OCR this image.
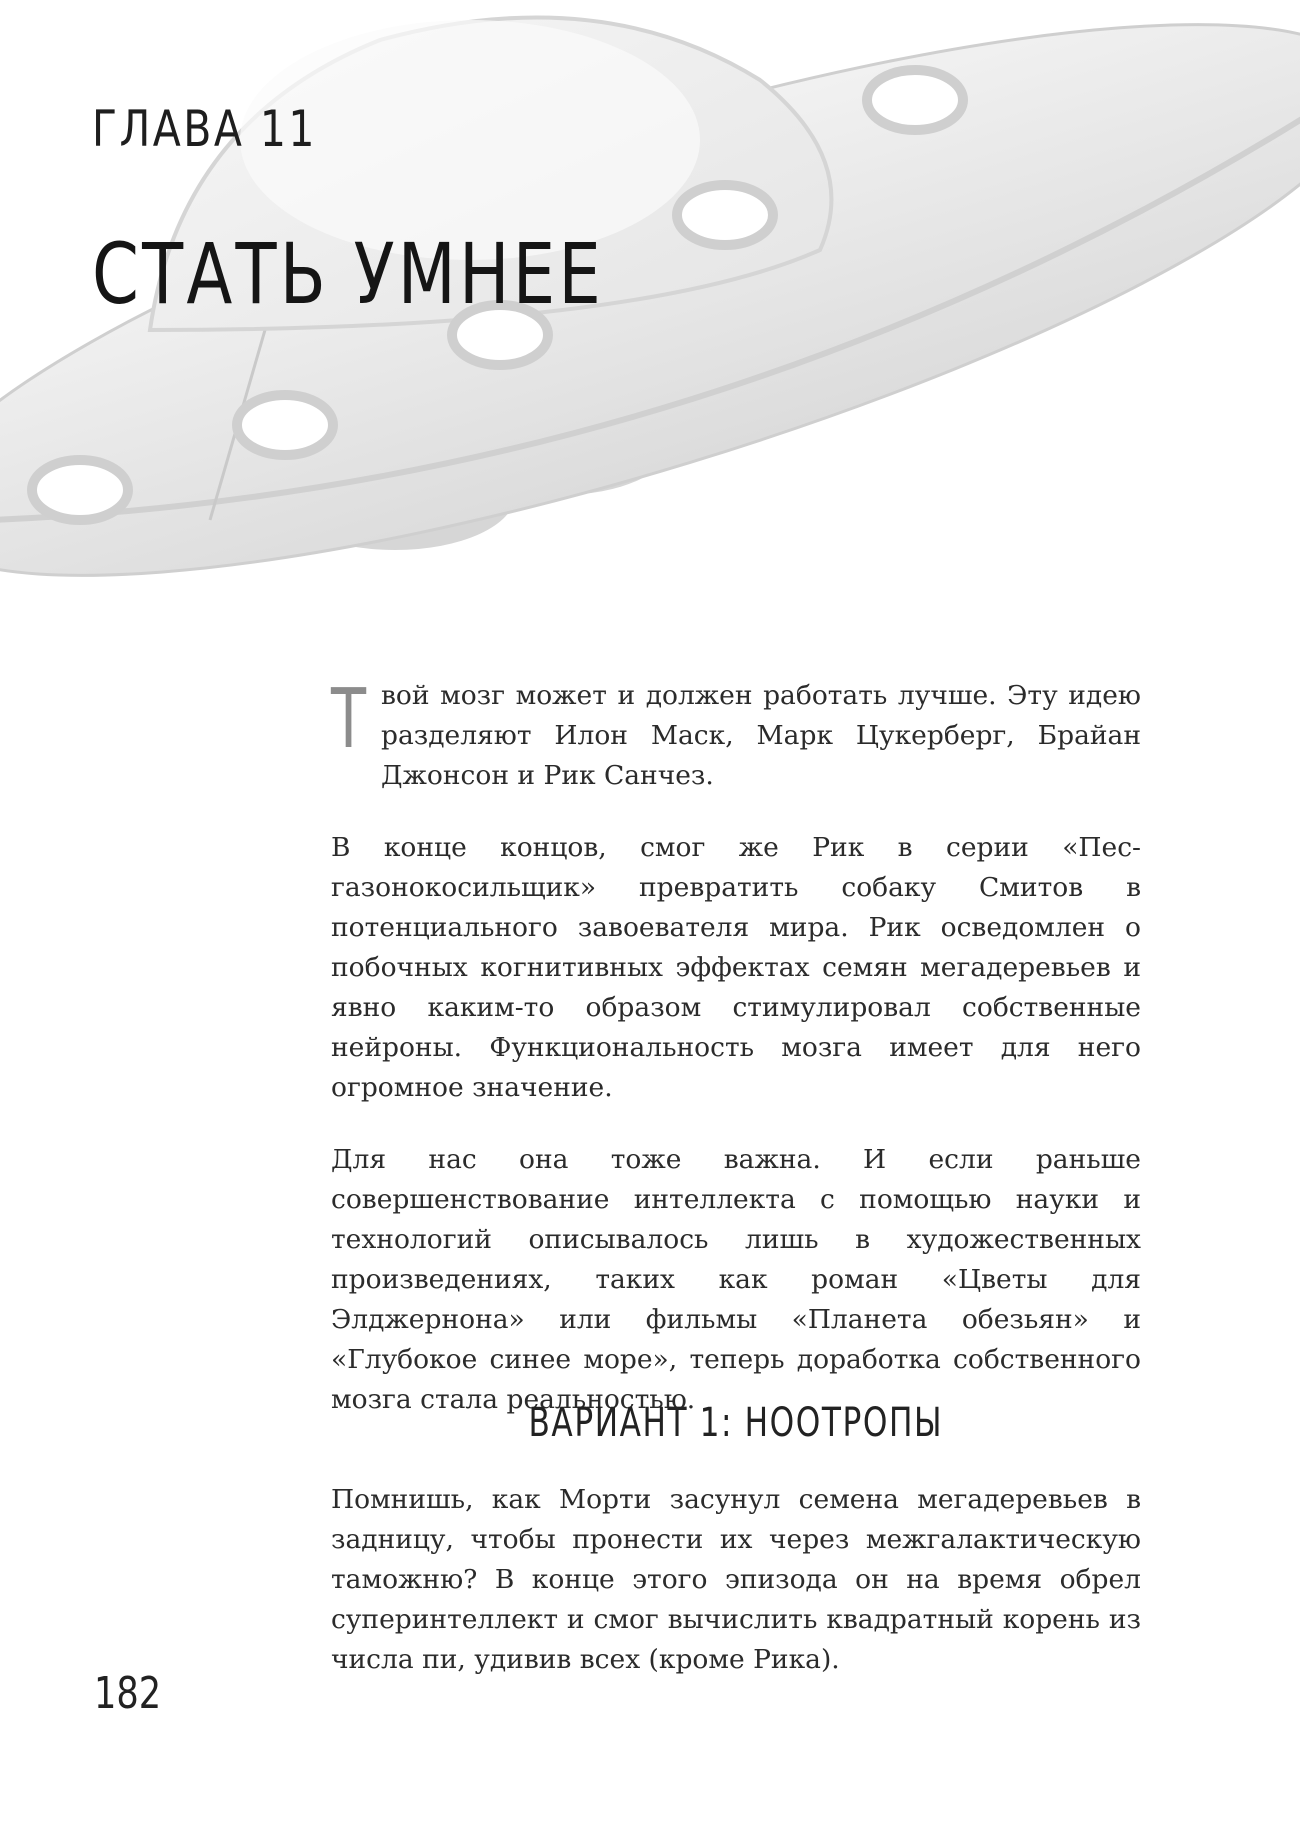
ГЛАВА 11
СТАТЬ УМНЕЕ

Твой мозг может и должен работать лучше. Эту идею разделяют Илон Маск, Марк Цукерберг, Брайан Джонсон и Рик Санчез.

В конце концов, смог же Рик в серии «Пес-газонокосильщик» превратить собаку Смитов в потенциального завоевателя мира. Рик осведомлен о побочных когнитивных эффектах семян мегадеревьев и явно каким-то образом стимулировал собственные нейроны. Функциональность мозга имеет для него огромное значение.

Для нас она тоже важна. И если раньше совершенствование интеллекта с помощью науки и технологий описывалось лишь в художественных произведениях, таких как роман «Цветы для Элджернона» или фильмы «Планета обезьян» и «Глубокое синее море», теперь доработка собственного мозга стала реальностью.

ВАРИАНТ 1: НООТРОПЫ

Помнишь, как Морти засунул семена мегадеревьев в задницу, чтобы пронести их через межгалактическую таможню? В конце этого эпизода он на время обрел суперинтеллект и смог вычислить квадратный корень из числа пи, удивив всех (кроме Рика).

182
